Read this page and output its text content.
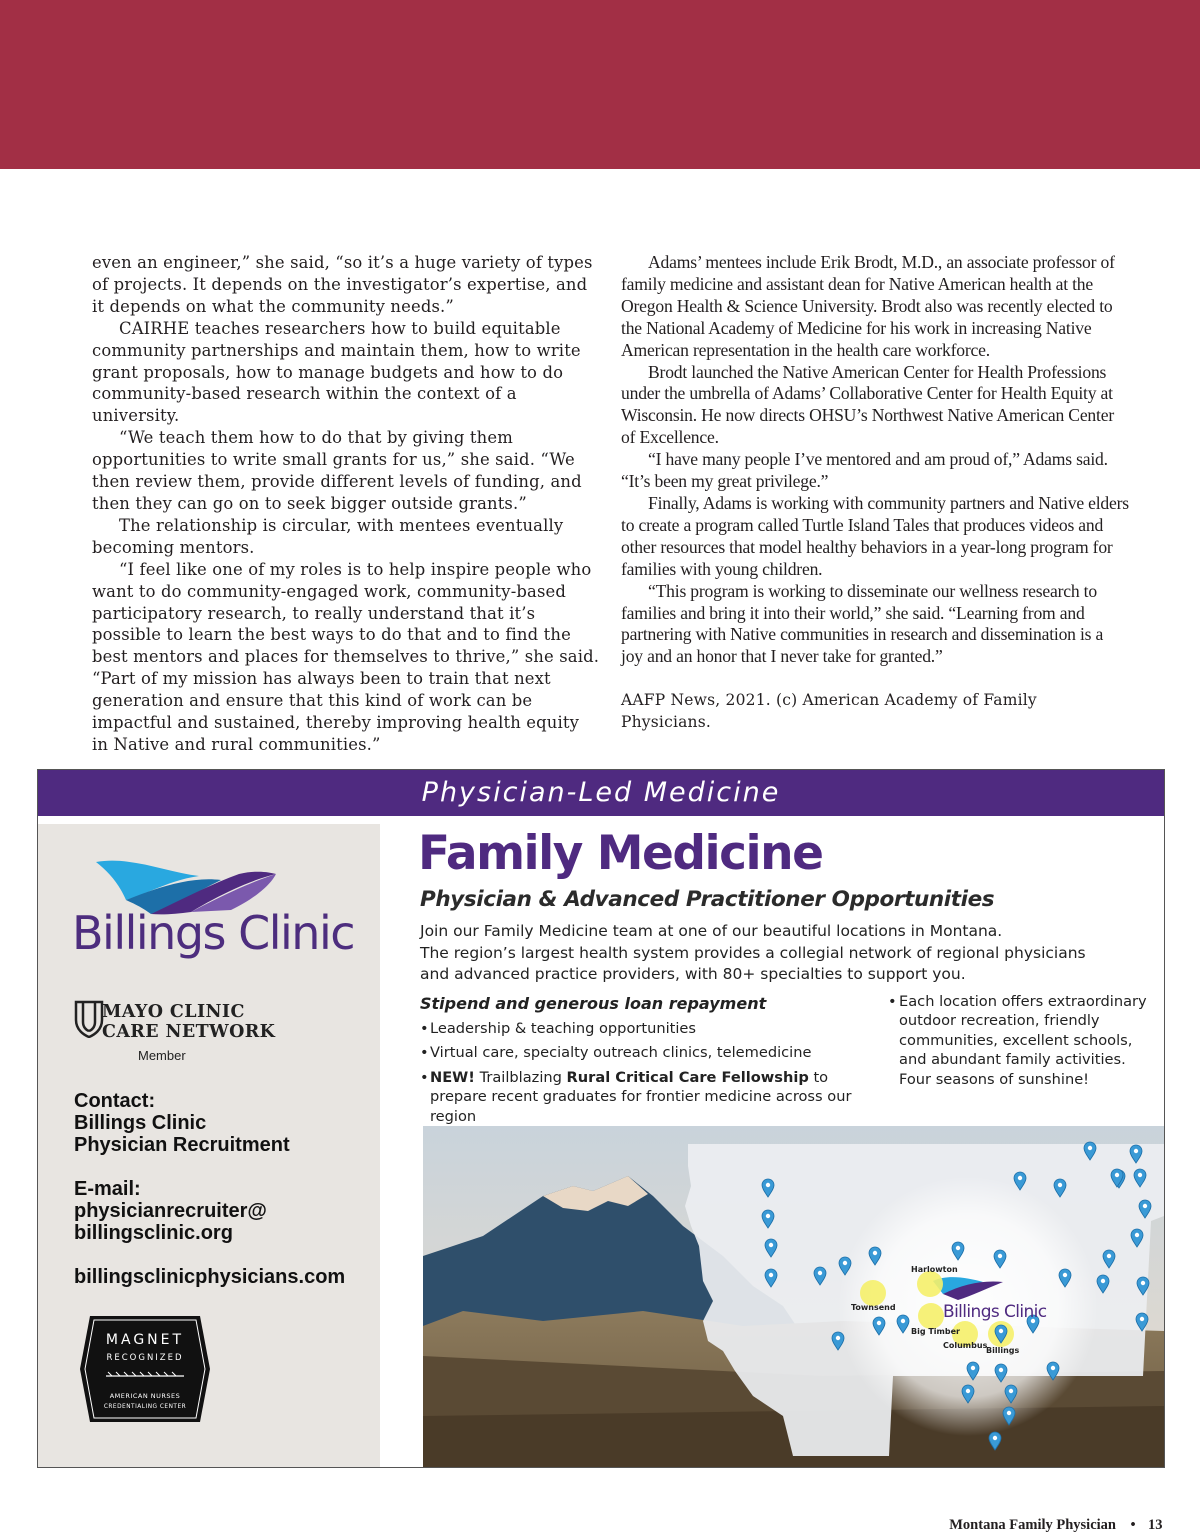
even an engineer,” she said, “so it’s a huge variety of types of projects. It depends on the investigator’s expertise, and it depends on what the community needs.”

CAIRHE teaches researchers how to build equitable community partnerships and maintain them, how to write grant proposals, how to manage budgets and how to do community-based research within the context of a university.

“We teach them how to do that by giving them opportunities to write small grants for us,” she said. “We then review them, provide different levels of funding, and then they can go on to seek bigger outside grants.”

The relationship is circular, with mentees eventually becoming mentors.

“I feel like one of my roles is to help inspire people who want to do community-engaged work, community-based participatory research, to really understand that it’s possible to learn the best ways to do that and to find the best mentors and places for themselves to thrive,” she said. “Part of my mission has always been to train that next generation and ensure that this kind of work can be impactful and sustained, thereby improving health equity in Native and rural communities.”

Adams’ mentees include Erik Brodt, M.D., an associate professor of family medicine and assistant dean for Native American health at the Oregon Health & Science University. Brodt also was recently elected to the National Academy of Medicine for his work in increasing Native American representation in the health care workforce.

Brodt launched the Native American Center for Health Professions under the umbrella of Adams’ Collaborative Center for Health Equity at Wisconsin. He now directs OHSU’s Northwest Native American Center of Excellence.

“I have many people I’ve mentored and am proud of,” Adams said. “It’s been my great privilege.”

Finally, Adams is working with community partners and Native elders to create a program called Turtle Island Tales that produces videos and other resources that model healthy behaviors in a year-long program for families with young children.

“This program is working to disseminate our wellness research to families and bring it into their world,” she said. “Learning from and partnering with Native communities in research and dissemination is a joy and an honor that I never take for granted.”

AAFP News, 2021. (c) American Academy of Family Physicians.

Physician-Led Medicine
Billings Clinic
MAYO CLINIC
CARE NETWORK
Member
Contact:
Billings Clinic
Physician Recruitment
E-mail:
physicianrecruiter@
billingsclinic.org
billingsclinicphysicians.com
MAGNET
RECOGNIZED
AMERICAN NURSES
CREDENTIALING CENTER
Family Medicine
Physician & Advanced Practitioner Opportunities
Join our Family Medicine team at one of our beautiful locations in Montana.
The region’s largest health system provides a collegial network of regional physicians
and advanced practice providers, with 80+ specialties to support you.
Stipend and generous loan repayment
• Leadership & teaching opportunities
• Virtual care, specialty outreach clinics, telemedicine
• NEW! Trailblazing Rural Critical Care Fellowship to prepare recent graduates for frontier medicine across our region
• Each location offers extraordinary outdoor recreation, friendly communities, excellent schools, and abundant family activities. Four seasons of sunshine!
Harlowton
Townsend
Big Timber
Columbus
Billings
Billings Clinic
Montana Family Physician • 13
